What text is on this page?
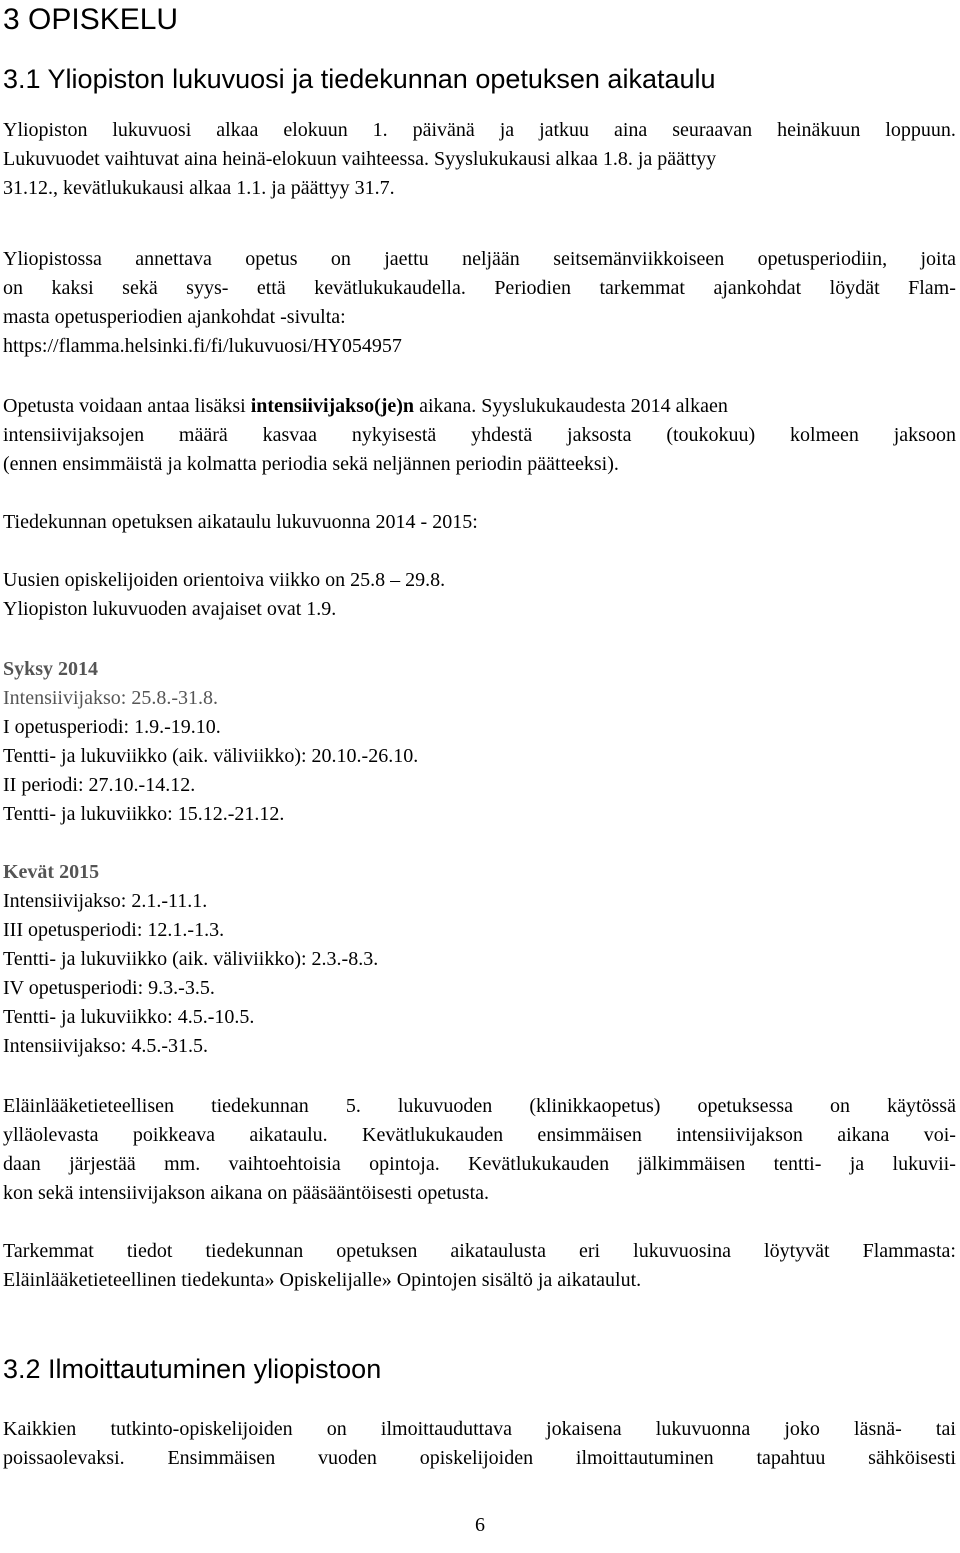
3 OPISKELU
3.1 Yliopiston lukuvuosi ja tiedekunnan opetuksen aikataulu
Yliopiston lukuvuosi alkaa elokuun 1. päivänä ja jatkuu aina seuraavan heinäkuun loppuun.
Lukuvuodet vaihtuvat aina heinä-elokuun vaihteessa. Syyslukukausi alkaa 1.8. ja päättyy
31.12., kevätlukukausi alkaa 1.1. ja päättyy 31.7.
Yliopistossa annettava opetus on jaettu neljään seitsemänviikkoiseen opetusperiodiin, joita
on kaksi sekä syys- että kevätlukukaudella. Periodien tarkemmat ajankohdat löydät Flam-
masta opetusperiodien ajankohdat -sivulta:
https://flamma.helsinki.fi/fi/lukuvuosi/HY054957
Opetusta voidaan antaa lisäksi intensiivijakso(je)n aikana. Syyslukukaudesta 2014 alkaen
intensiivijaksojen määrä kasvaa nykyisestä yhdestä jaksosta (toukokuu) kolmeen jaksoon
(ennen ensimmäistä ja kolmatta periodia sekä neljännen periodin päätteeksi).
Tiedekunnan opetuksen aikataulu lukuvuonna 2014 - 2015:
Uusien opiskelijoiden orientoiva viikko on 25.8 – 29.8.
Yliopiston lukuvuoden avajaiset ovat 1.9.
Syksy 2014
Intensiivijakso: 25.8.-31.8.
I opetusperiodi: 1.9.-19.10.
Tentti- ja lukuviikko (aik. väliviikko): 20.10.-26.10.
II periodi: 27.10.-14.12.
Tentti- ja lukuviikko: 15.12.-21.12.
Kevät 2015
Intensiivijakso: 2.1.-11.1.
III opetusperiodi: 12.1.-1.3.
Tentti- ja lukuviikko (aik. väliviikko): 2.3.-8.3.
IV opetusperiodi: 9.3.-3.5.
Tentti- ja lukuviikko: 4.5.-10.5.
Intensiivijakso: 4.5.-31.5.
Eläinlääketieteellisen tiedekunnan 5. lukuvuoden (klinikkaopetus) opetuksessa on käytössä
ylläolevasta poikkeava aikataulu. Kevätlukukauden ensimmäisen intensiivijakson aikana voi-
daan järjestää mm. vaihtoehtoisia opintoja. Kevätlukukauden jälkimmäisen tentti- ja lukuvii-
kon sekä intensiivijakson aikana on pääsääntöisesti opetusta.
Tarkemmat tiedot tiedekunnan opetuksen aikataulusta eri lukuvuosina löytyvät Flammasta:
Eläinlääketieteellinen tiedekunta» Opiskelijalle» Opintojen sisältö ja aikataulut.
3.2 Ilmoittautuminen yliopistoon
Kaikkien tutkinto-opiskelijoiden on ilmoittauduttava jokaisena lukuvuonna joko läsnä- tai
poissaolevaksi. Ensimmäisen vuoden opiskelijoiden ilmoittautuminen tapahtuu sähköisesti
6
